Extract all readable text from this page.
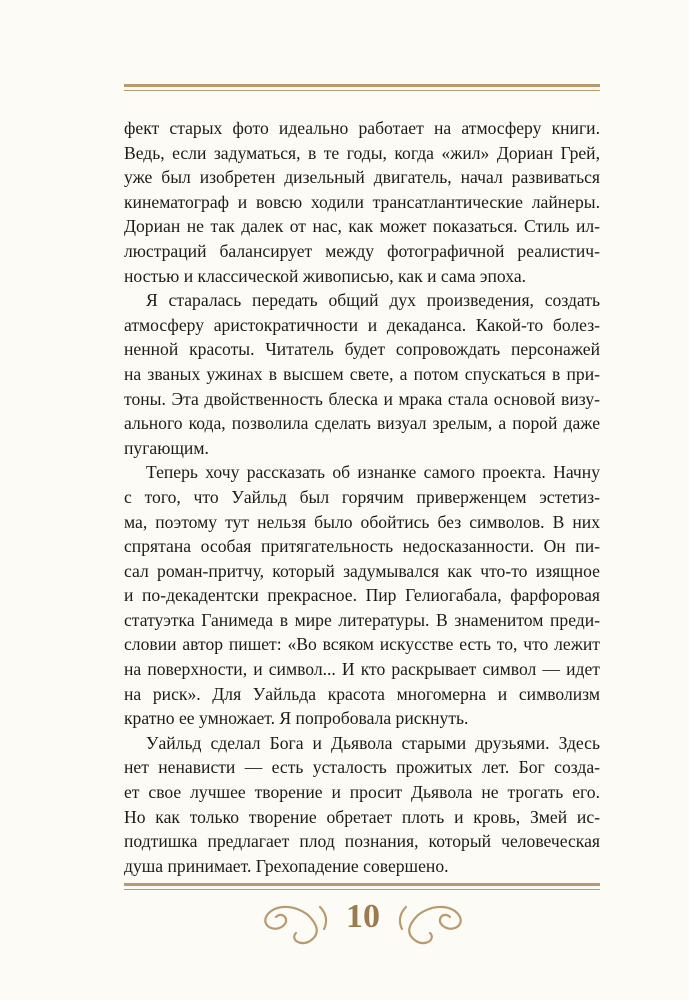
фект старых фото идеально работает на атмосферу книги.

Ведь, если задуматься, в те годы, когда «жил» Дориан Грей,

уже был изобретен дизельный двигатель, начал развиваться

кинематограф и вовсю ходили трансатлантические лайнеры.

Дориан не так далек от нас, как может показаться. Стиль ил-

люстраций балансирует между фотографичной реалистич-

ностью и классической живописью, как и сама эпоха.

Я старалась передать общий дух произведения, создать

атмосферу аристократичности и декаданса. Какой-то болез-

ненной красоты. Читатель будет сопровождать персонажей

на званых ужинах в высшем свете, а потом спускаться в при-

тоны. Эта двойственность блеска и мрака стала основой визу-

ального кода, позволила сделать визуал зрелым, а порой даже

пугающим.

Теперь хочу рассказать об изнанке самого проекта. Начну

с того, что Уайльд был горячим приверженцем эстетиз-

ма, поэтому тут нельзя было обойтись без символов. В них

спрятана особая притягательность недосказанности. Он пи-

сал роман-притчу, который задумывался как что-то изящное

и по-декадентски прекрасное. Пир Гелиогабала, фарфоровая

статуэтка Ганимеда в мире литературы. В знаменитом преди-

словии автор пишет: «Во всяком искусстве есть то, что лежит

на поверхности, и символ... И кто раскрывает символ — идет

на риск». Для Уайльда красота многомерна и символизм

кратно ее умножает. Я попробовала рискнуть.

Уайльд сделал Бога и Дьявола старыми друзьями. Здесь

нет ненависти — есть усталость прожитых лет. Бог созда-

ет свое лучшее творение и просит Дьявола не трогать его.

Но как только творение обретает плоть и кровь, Змей ис-

подтишка предлагает плод познания, который человеческая

душа принимает. Грехопадение совершено.

10
